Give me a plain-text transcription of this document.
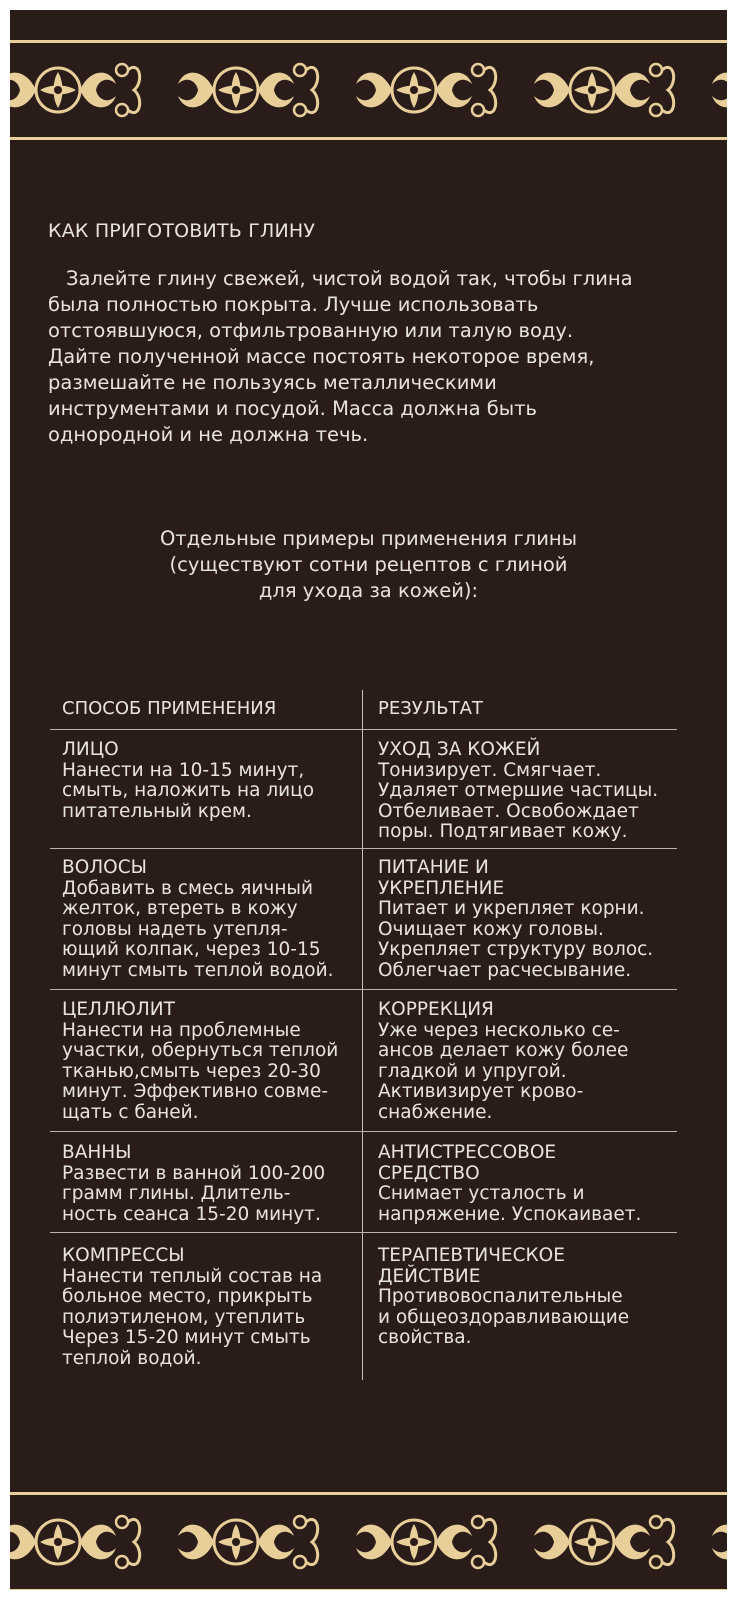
КАК ПРИГОТОВИТЬ ГЛИНУ

Залейте глину свежей, чистой водой так, чтобы глина
была полностью покрыта. Лучше использовать
отстоявшуюся, отфильтрованную или талую воду.
Дайте полученной массе постоять некоторое время,
размешайте не пользуясь металлическими
инструментами и посудой. Масса должна быть
однородной и не должна течь.

Отдельные примеры применения глины
(существуют сотни рецептов с глиной
для ухода за кожей):
СПОСОБ ПРИМЕНЕНИЯ	РЕЗУЛЬТАТ
ЛИЦО
Нанести на 10-15 минут,
смыть, наложить на лицо
питательный крем.
УХОД ЗА КОЖЕЙ
Тонизирует. Смягчает.
Удаляет отмершие частицы.
Отбеливает. Освобождает
поры. Подтягивает кожу.
ВОЛОСЫ
Добавить в смесь яичный
желток, втереть в кожу
головы надеть утепля-
ющий колпак, через 10-15
минут смыть теплой водой.
ПИТАНИЕ И
УКРЕПЛЕНИЕ
Питает и укрепляет корни.
Очищает кожу головы.
Укрепляет структуру волос.
Облегчает расчесывание.
ЦЕЛЛЮЛИТ
Нанести на проблемные
участки, обернуться теплой
тканью,смыть через 20-30
минут. Эффективно совме-
щать с баней.
КОРРЕКЦИЯ
Уже через несколько се-
ансов делает кожу более
гладкой и упругой.
Активизирует крово-
снабжение.
ВАННЫ
Развести в ванной 100-200
грамм глины. Длитель-
ность сеанса 15-20 минут.
АНТИСТРЕССОВОЕ
СРЕДСТВО
Снимает усталость и
напряжение. Успокаивает.
КОМПРЕССЫ
Нанести теплый состав на
больное место, прикрыть
полиэтиленом, утеплить
Через 15-20 минут смыть
теплой водой.
ТЕРАПЕВТИЧЕСКОЕ
ДЕЙСТВИЕ
Противовоспалительные
и общеоздоравливающие
свойства.
